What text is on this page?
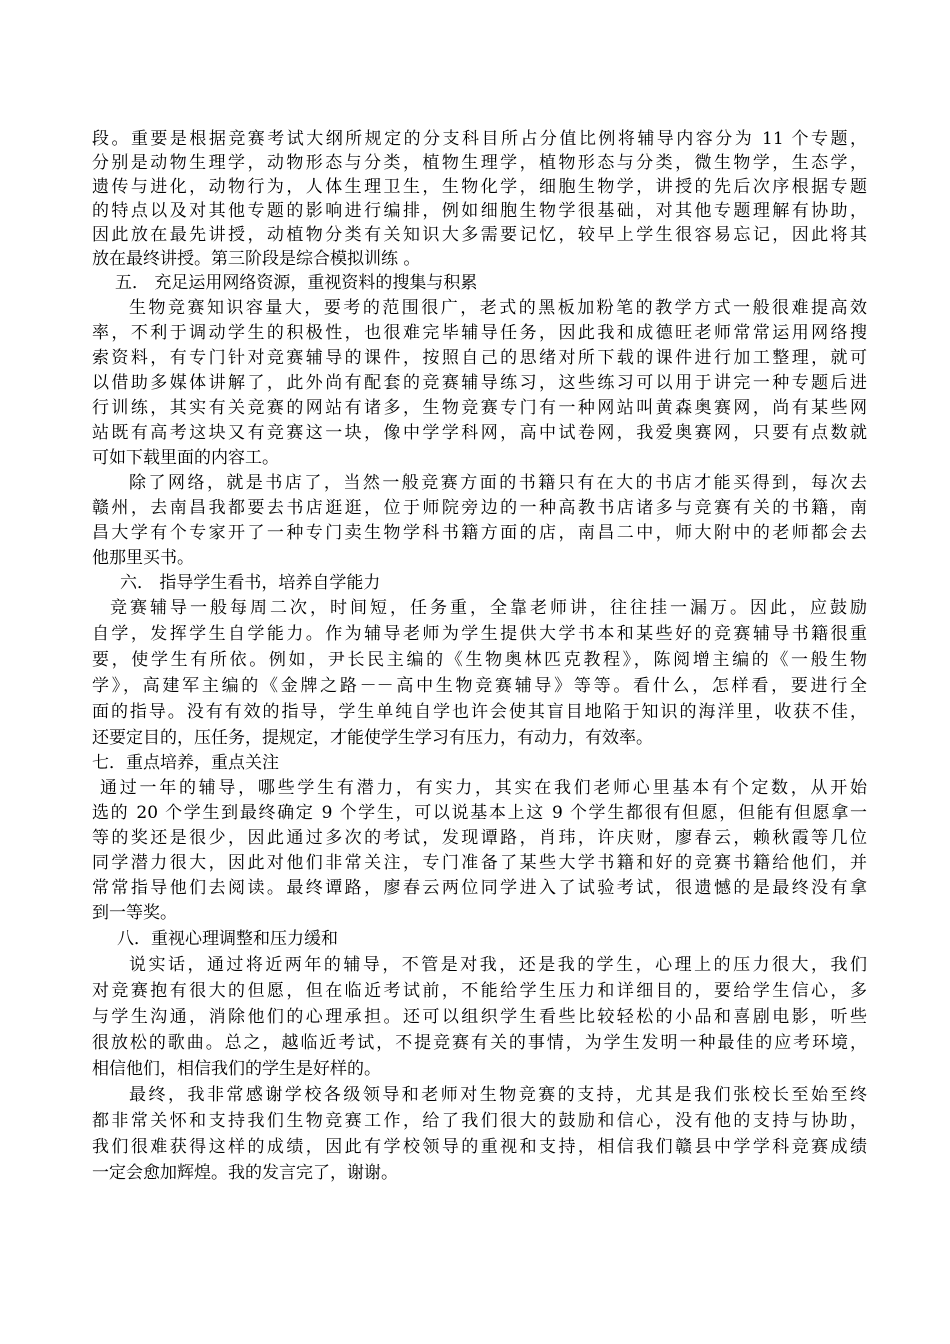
段。重要是根据竞赛考试大纲所规定的分支科目所占分值比例将辅导内容分为 11 个专题，
分别是动物生理学，动物形态与分类，植物生理学，植物形态与分类，微生物学，生态学，
遗传与进化，动物行为，人体生理卫生，生物化学，细胞生物学，讲授的先后次序根据专题
的特点以及对其他专题的影响进行编排，例如细胞生物学很基础，对其他专题理解有协助，
因此放在最先讲授，动植物分类有关知识大多需要记忆，较早上学生很容易忘记，因此将其
放在最终讲授。第三阶段是综合模拟训练 。
五． 充足运用网络资源，重视资料的搜集与积累
生物竞赛知识容量大，要考的范围很广，老式的黑板加粉笔的教学方式一般很难提高效
率，不利于调动学生的积极性，也很难完毕辅导任务，因此我和成德旺老师常常运用网络搜
索资料，有专门针对竞赛辅导的课件，按照自己的思绪对所下载的课件进行加工整理，就可
以借助多媒体讲解了，此外尚有配套的竞赛辅导练习，这些练习可以用于讲完一种专题后进
行训练，其实有关竞赛的网站有诸多，生物竞赛专门有一种网站叫黄森奥赛网，尚有某些网
站既有高考这块又有竞赛这一块，像中学学科网，高中试卷网，我爱奥赛网，只要有点数就
可如下载里面的内容工。
除了网络，就是书店了，当然一般竞赛方面的书籍只有在大的书店才能买得到，每次去
赣州，去南昌我都要去书店逛逛，位于师院旁边的一种高教书店诸多与竞赛有关的书籍，南
昌大学有个专家开了一种专门卖生物学科书籍方面的店，南昌二中，师大附中的老师都会去
他那里买书。
六． 指导学生看书，培养自学能力
竞赛辅导一般每周二次，时间短，任务重，全靠老师讲，往往挂一漏万。因此，应鼓励
自学，发挥学生自学能力。作为辅导老师为学生提供大学书本和某些好的竞赛辅导书籍很重
要，使学生有所依。例如，尹长民主编的《生物奥林匹克教程》，陈阅增主编的《一般生物
学》，高建军主编的《金牌之路－－高中生物竞赛辅导》等等。看什么，怎样看，要进行全
面的指导。没有有效的指导，学生单纯自学也许会使其盲目地陷于知识的海洋里，收获不佳，
还要定目的，压任务，提规定，才能使学生学习有压力，有动力，有效率。
七．重点培养，重点关注
通过一年的辅导，哪些学生有潜力，有实力，其实在我们老师心里基本有个定数，从开始
选的 20 个学生到最终确定 9 个学生，可以说基本上这 9 个学生都很有但愿，但能有但愿拿一
等的奖还是很少，因此通过多次的考试，发现谭路，肖玮，许庆财，廖春云，赖秋霞等几位
同学潜力很大，因此对他们非常关注，专门准备了某些大学书籍和好的竞赛书籍给他们，并
常常指导他们去阅读。最终谭路，廖春云两位同学进入了试验考试，很遗憾的是最终没有拿
到一等奖。
八．重视心理调整和压力缓和
说实话，通过将近两年的辅导，不管是对我，还是我的学生，心理上的压力很大，我们
对竞赛抱有很大的但愿，但在临近考试前，不能给学生压力和详细目的，要给学生信心，多
与学生沟通，消除他们的心理承担。还可以组织学生看些比较轻松的小品和喜剧电影，听些
很放松的歌曲。总之，越临近考试，不提竞赛有关的事情，为学生发明一种最佳的应考环境，
相信他们，相信我们的学生是好样的。
最终，我非常感谢学校各级领导和老师对生物竞赛的支持，尤其是我们张校长至始至终
都非常关怀和支持我们生物竞赛工作，给了我们很大的鼓励和信心，没有他的支持与协助，
我们很难获得这样的成绩，因此有学校领导的重视和支持，相信我们赣县中学学科竞赛成绩
一定会愈加辉煌。我的发言完了，谢谢。
